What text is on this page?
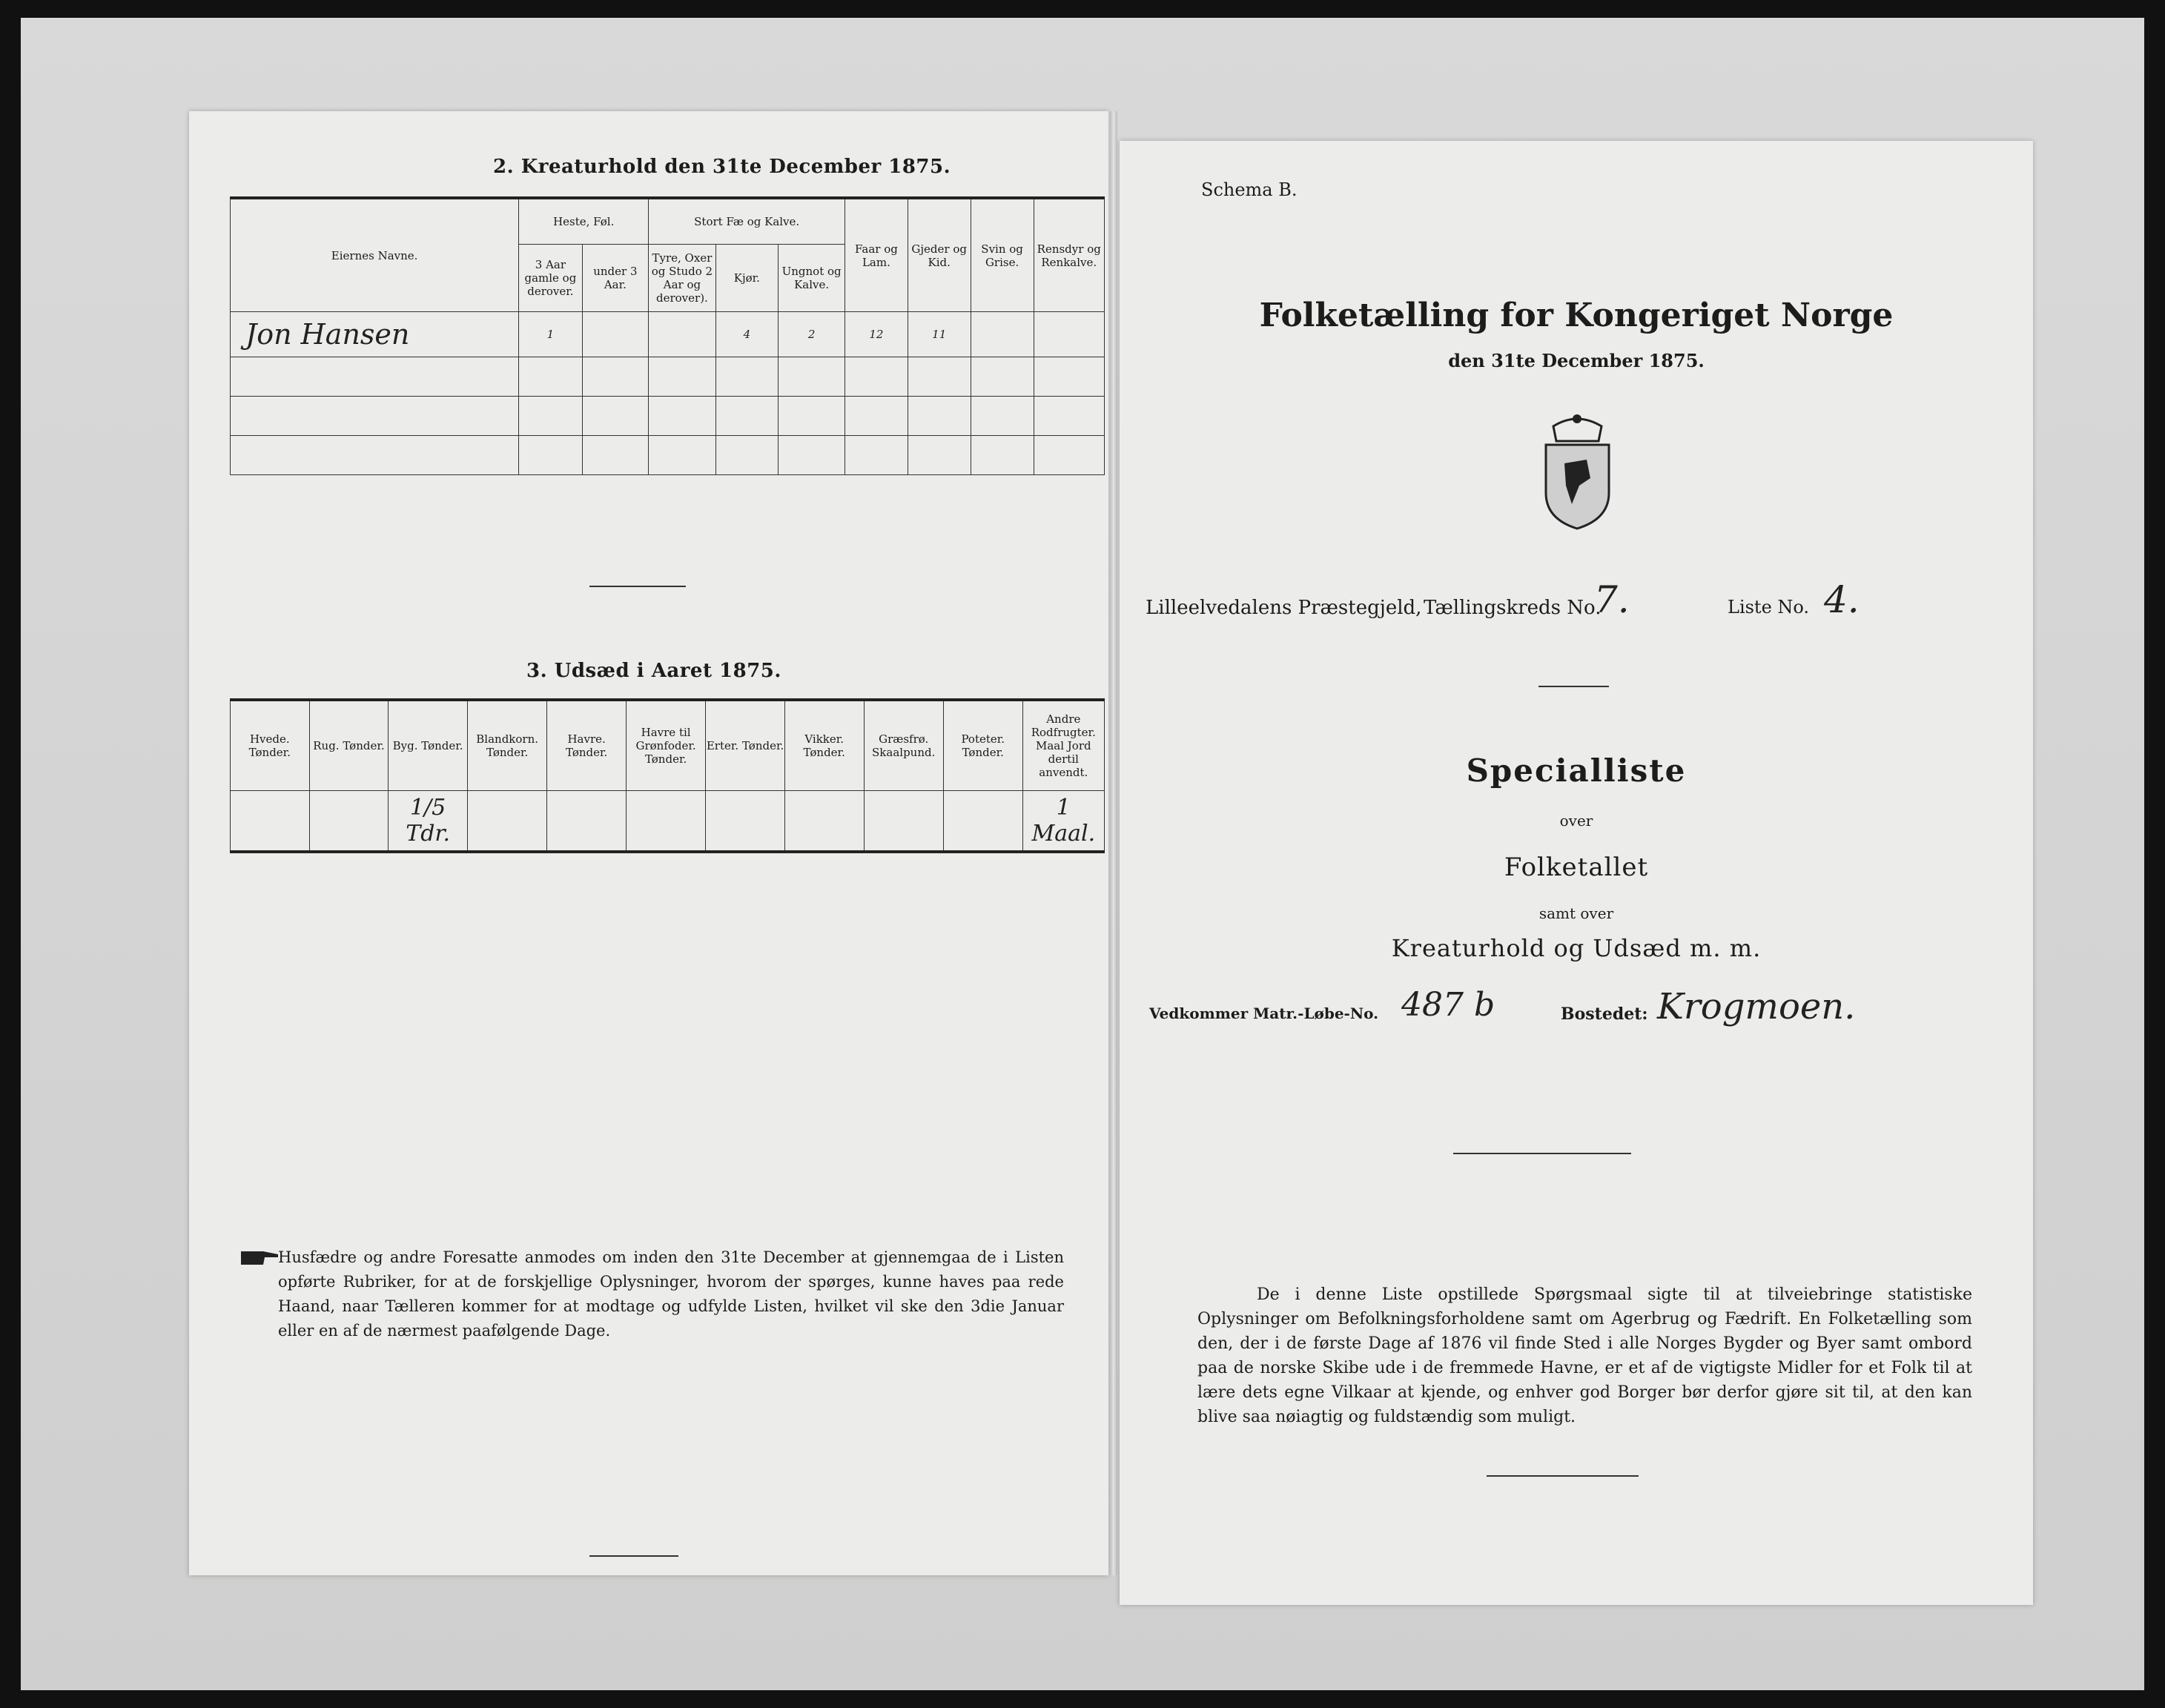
2. Kreaturhold den 31te December 1875.
Eiernes Navne.	Heste, Føl.		Stort Fæ og Kalve.			Faar og Lam.	Gjeder og Kid.	Svin og Grise.	Rensdyr og Renkalve.
	3 Aar gamle og derover.	under 3 Aar.	Tyre, Oxer og Studo 2 Aar og derover).	Kjør.	Ungnot og Kalve.				
Jon Hansen	1			4	2	12	11		

3. Udsæd i Aaret 1875.
Hvede. Tønder.	Rug. Tønder.	Byg. Tønder.	Blandkorn. Tønder.	Havre. Tønder.	Havre til Grønfoder. Tønder.	Erter. Tønder.	Vikker. Tønder.	Græsfrø. Skaalpund.	Poteter. Tønder.	Andre Rodfrugter. Maal Jord dertil anvendt.
		1/5 Tdr.								1 Maal.
Husfædre og andre Foresatte anmodes om inden den 31te December at gjennemgaa de i Listen opførte Rubriker, for at de forskjellige Oplysninger, hvorom der spørges, kunne haves paa rede Haand, naar Tælleren kommer for at modtage og udfylde Listen, hvilket vil ske den 3die Januar eller en af de nærmest paafølgende Dage.
Schema B.
Folketælling for Kongeriget Norge
den 31te December 1875.
Lilleelvedalens Præstegjeld, Tællingskreds No.
7.	Liste No. 4.
Specialliste
over
Folketallet
samt over
Kreaturhold og Udsæd m. m.
Vedkommer Matr.-Løbe-No. 487 b	Bostedet: Krogmoen.
De i denne Liste opstillede Spørgsmaal sigte til at tilveiebringe statistiske Oplysninger om Befolkningsforholdene samt om Agerbrug og Fædrift. En Folketælling som den, der i de første Dage af 1876 vil finde Sted i alle Norges Bygder og Byer samt ombord paa de norske Skibe ude i de fremmede Havne, er et af de vigtigste Midler for et Folk til at lære dets egne Vilkaar at kjende, og enhver god Borger bør derfor gjøre sit til, at den kan blive saa nøiagtig og fuldstændig som muligt.
